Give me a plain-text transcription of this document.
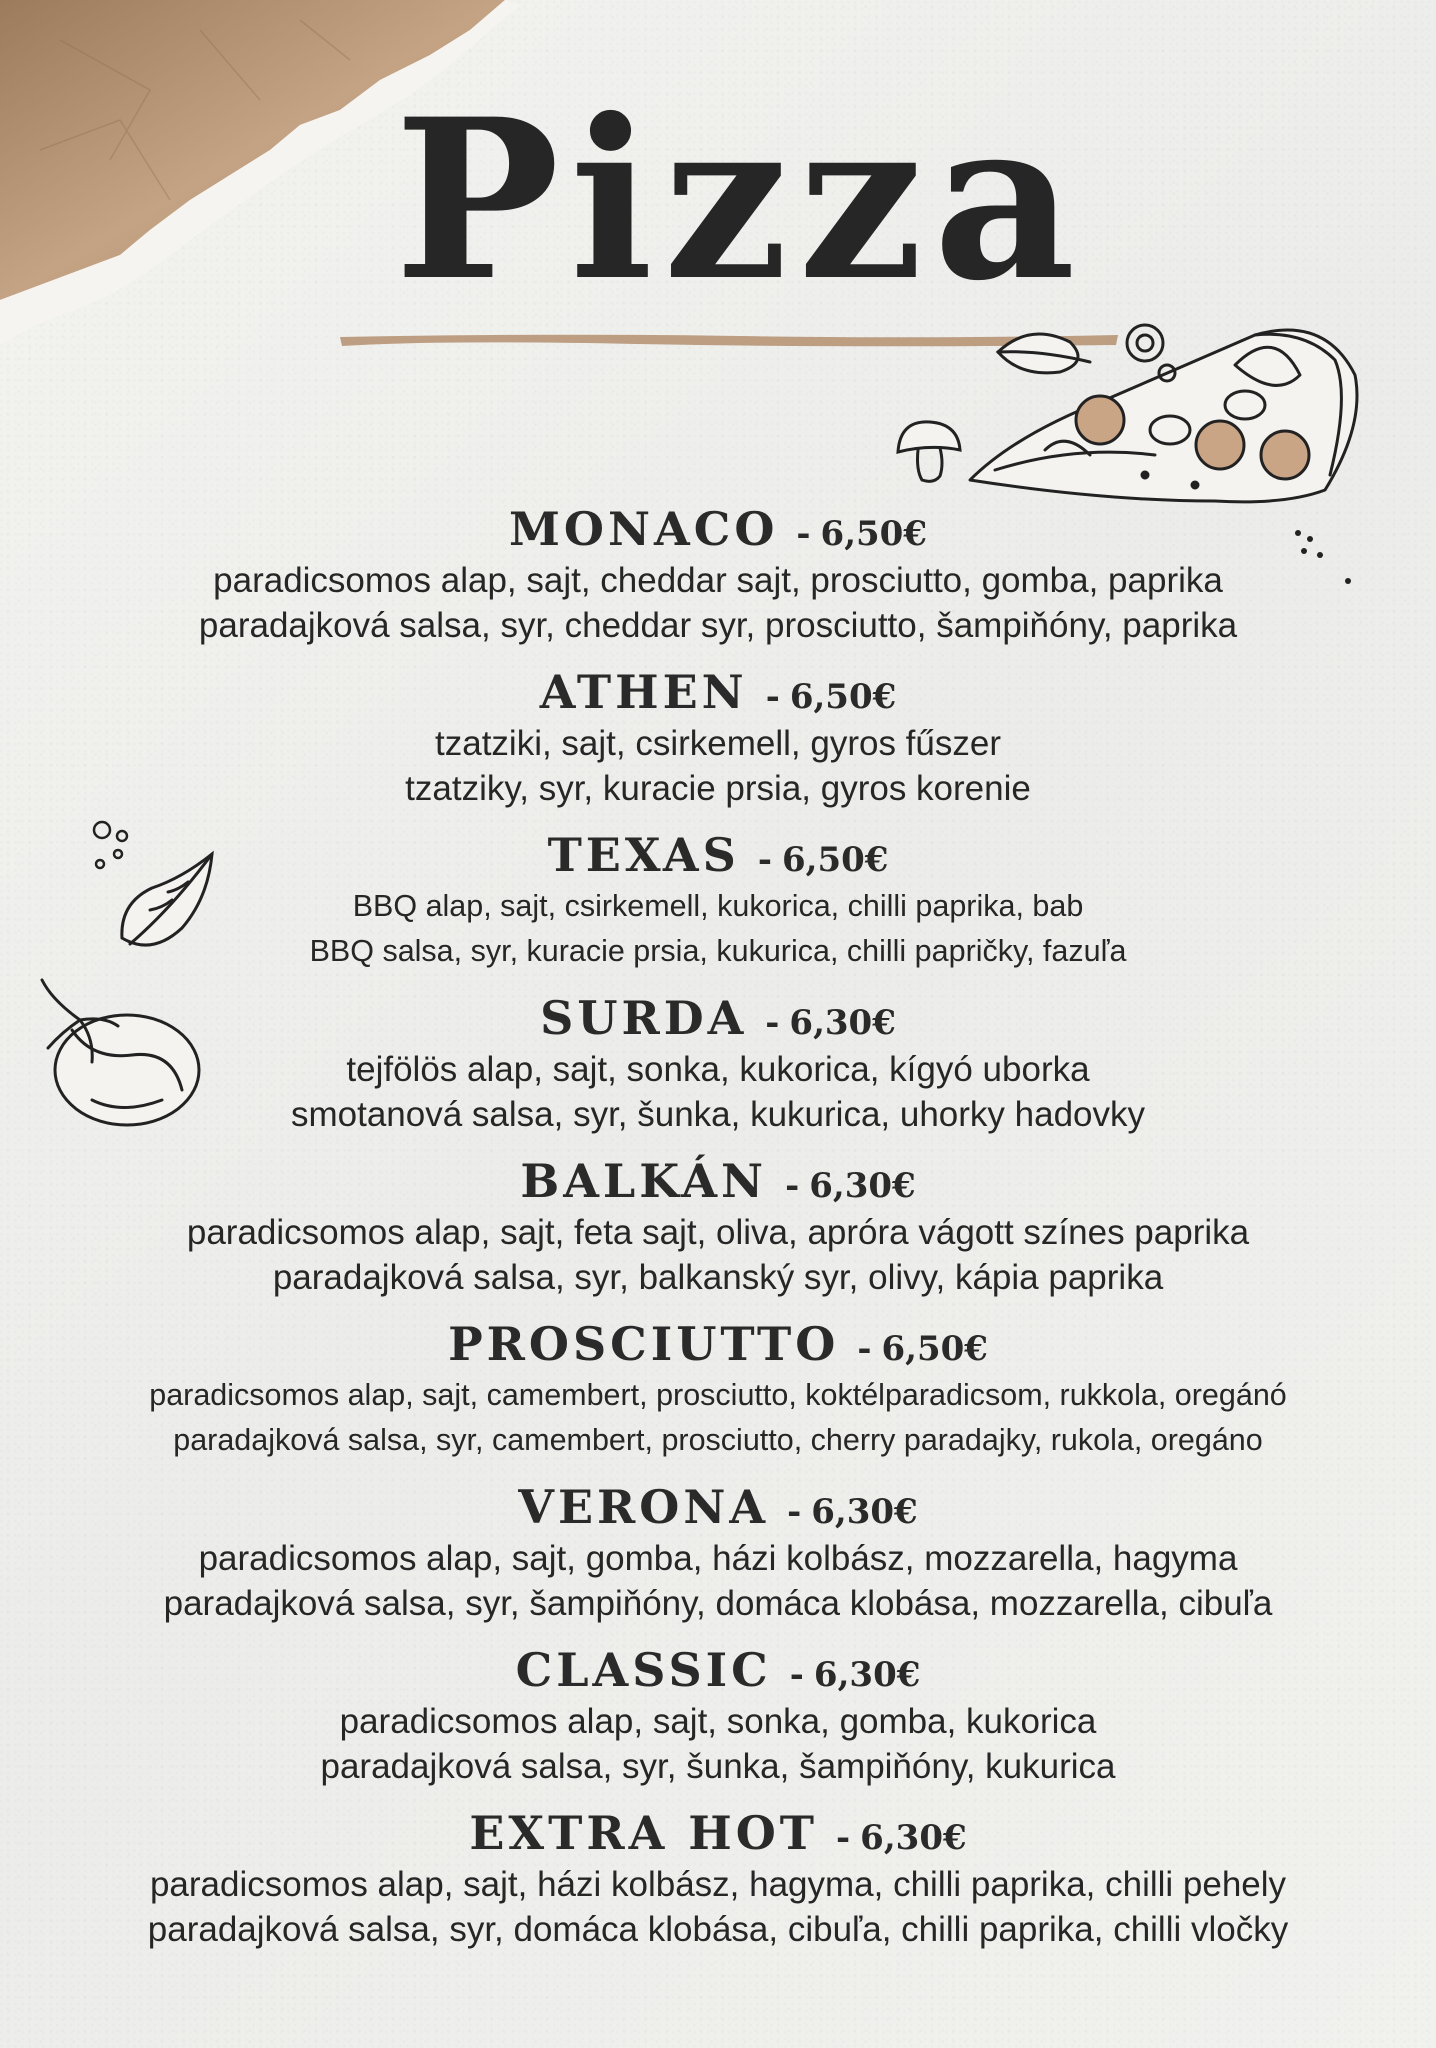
Pizza
MONACO - 6,50€
paradicsomos alap, sajt, cheddar sajt, prosciutto, gomba, paprika
paradajková salsa, syr, cheddar syr, prosciutto, šampiňóny, paprika
ATHEN - 6,50€
tzatziki, sajt, csirkemell, gyros fűszer
tzatziky, syr, kuracie prsia, gyros korenie
TEXAS - 6,50€
BBQ alap, sajt, csirkemell, kukorica, chilli paprika, bab
BBQ salsa, syr, kuracie prsia, kukurica, chilli papričky, fazuľa
SURDA - 6,30€
tejfölös alap, sajt, sonka, kukorica, kígyó uborka
smotanová salsa, syr, šunka, kukurica, uhorky hadovky
BALKÁN - 6,30€
paradicsomos alap, sajt, feta sajt, oliva, apróra vágott színes paprika
paradajková salsa, syr, balkanský syr, olivy, kápia paprika
PROSCIUTTO - 6,50€
paradicsomos alap, sajt, camembert, prosciutto, koktélparadicsom, rukkola, oregánó
paradajková salsa, syr, camembert, prosciutto, cherry paradajky, rukola, oregáno
VERONA - 6,30€
paradicsomos alap, sajt, gomba, házi kolbász, mozzarella, hagyma
paradajková salsa, syr, šampiňóny, domáca klobása, mozzarella, cibuľa
CLASSIC - 6,30€
paradicsomos alap, sajt, sonka, gomba, kukorica
paradajková salsa, syr, šunka, šampiňóny, kukurica
EXTRA HOT - 6,30€
paradicsomos alap, sajt, házi kolbász, hagyma, chilli paprika, chilli pehely
paradajková salsa, syr, domáca klobása, cibuľa, chilli paprika, chilli vločky
